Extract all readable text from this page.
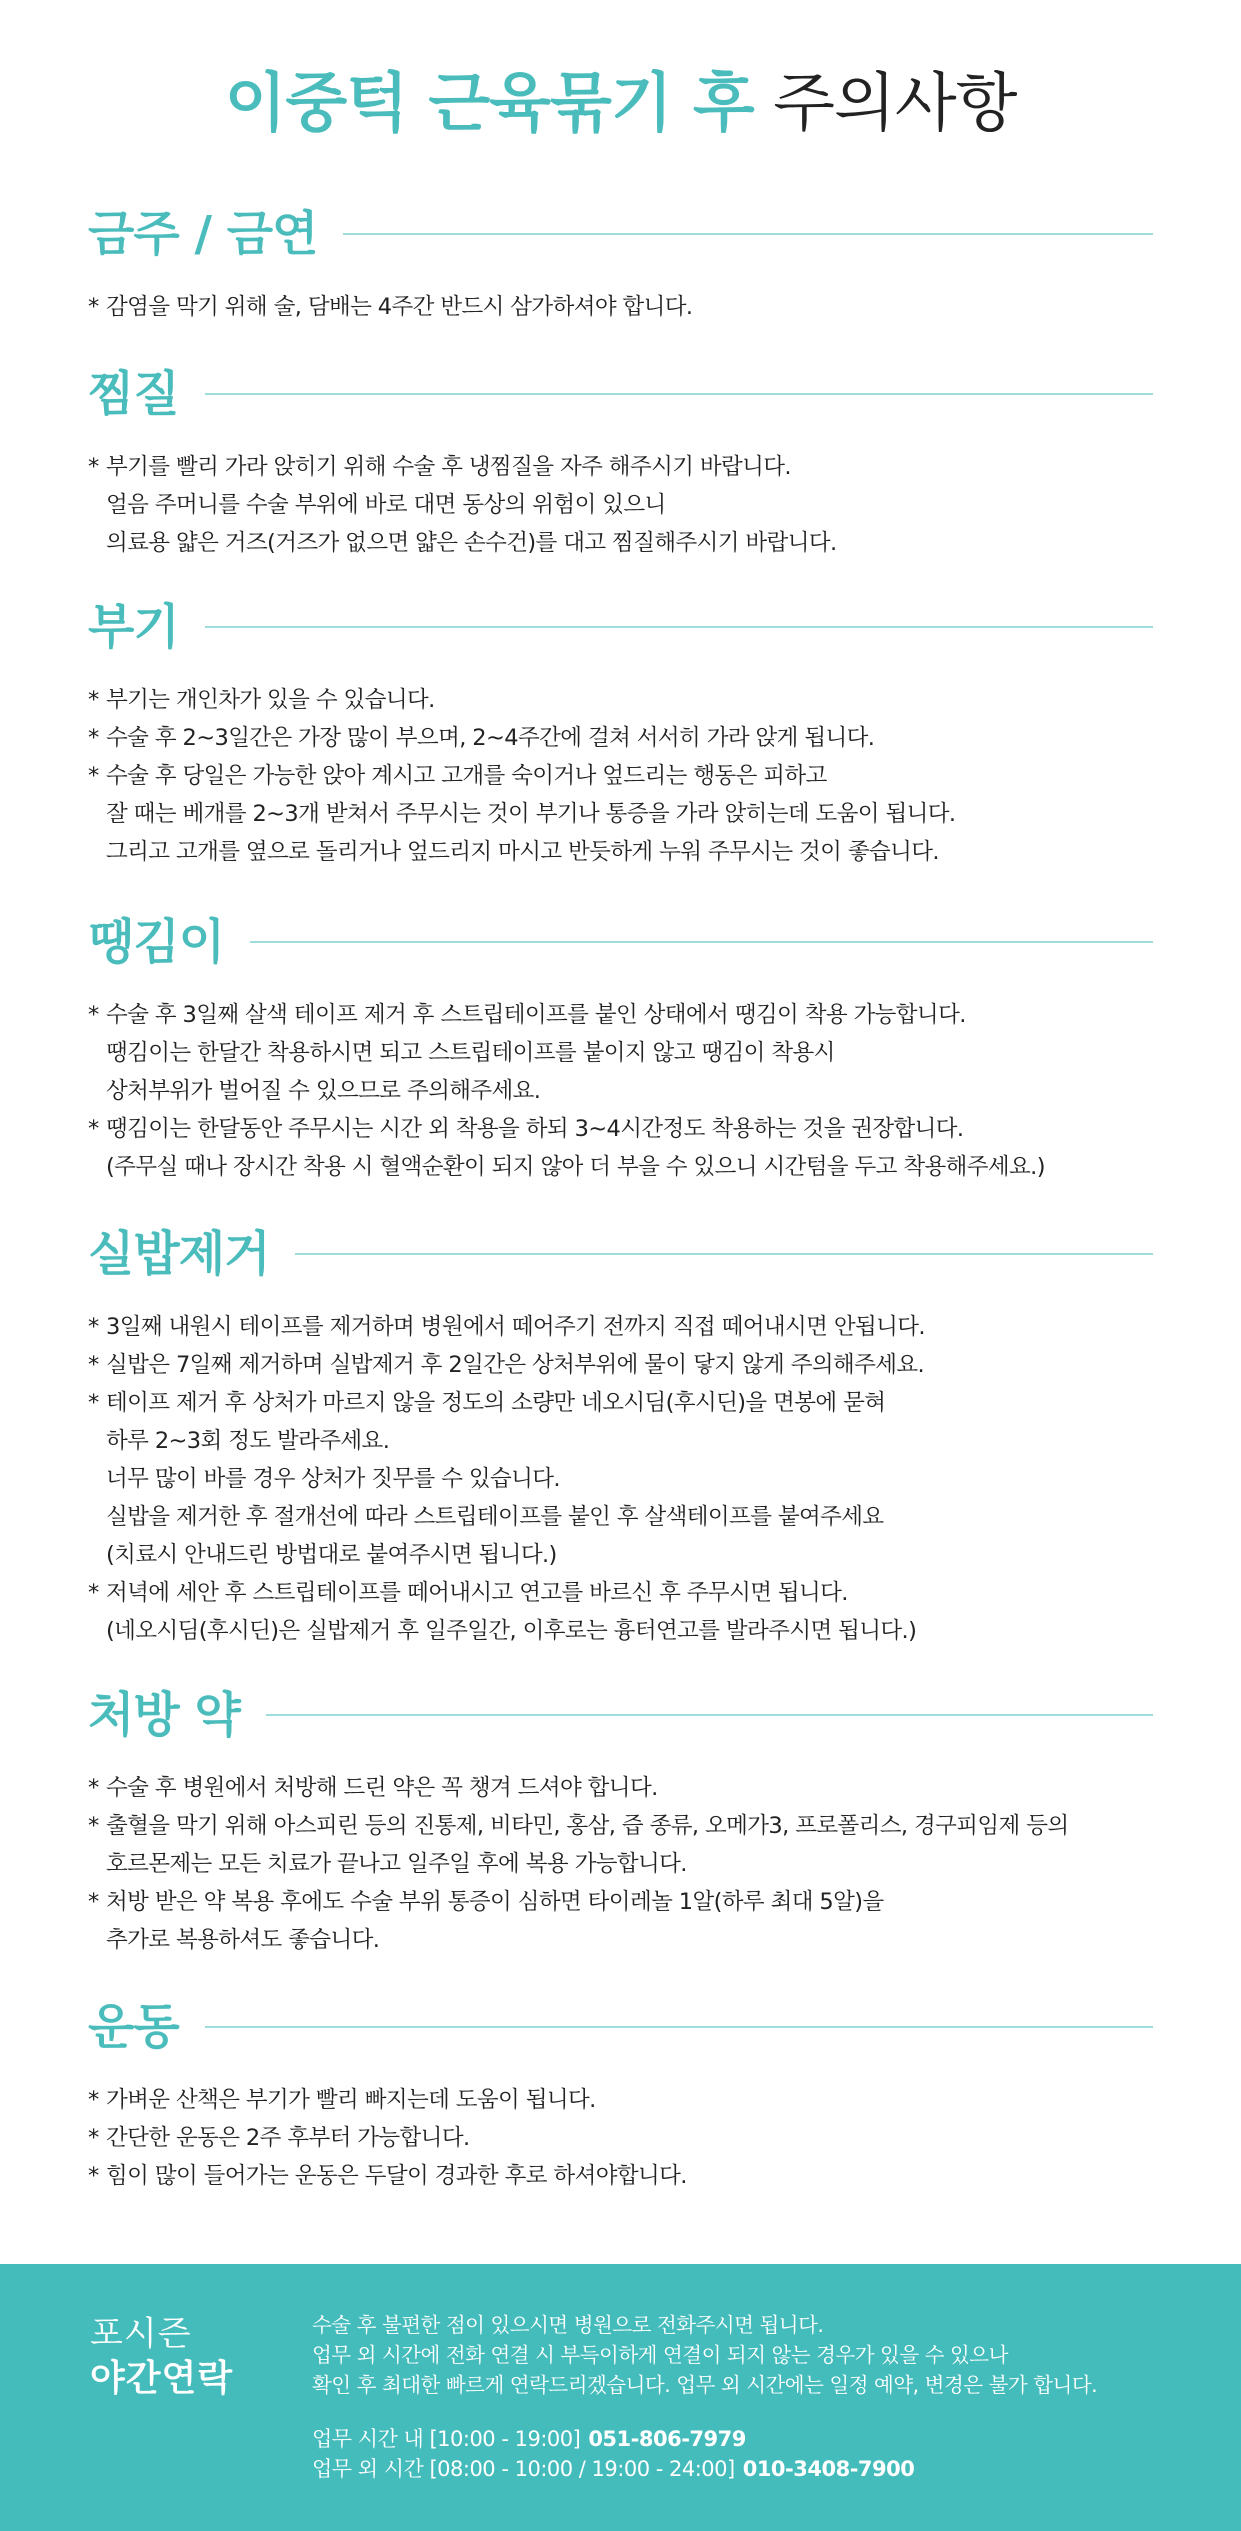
이중턱 근육묶기 후 주의사항
금주 / 금연
* 감염을 막기 위해 술, 담배는 4주간 반드시 삼가하셔야 합니다.
찜질
* 부기를 빨리 가라 앉히기 위해 수술 후 냉찜질을 자주 해주시기 바랍니다.
얼음 주머니를 수술 부위에 바로 대면 동상의 위험이 있으니
의료용 얇은 거즈(거즈가 없으면 얇은 손수건)를 대고 찜질해주시기 바랍니다.
부기
* 부기는 개인차가 있을 수 있습니다.
* 수술 후 2~3일간은 가장 많이 부으며, 2~4주간에 걸쳐 서서히 가라 앉게 됩니다.
* 수술 후 당일은 가능한 앉아 계시고 고개를 숙이거나 엎드리는 행동은 피하고
잘 때는 베개를 2~3개 받쳐서 주무시는 것이 부기나 통증을 가라 앉히는데 도움이 됩니다.
그리고 고개를 옆으로 돌리거나 엎드리지 마시고 반듯하게 누워 주무시는 것이 좋습니다.
땡김이
* 수술 후 3일째 살색 테이프 제거 후 스트립테이프를 붙인 상태에서 땡김이 착용 가능합니다.
땡김이는 한달간 착용하시면 되고 스트립테이프를 붙이지 않고 땡김이 착용시
상처부위가 벌어질 수 있으므로 주의해주세요.
* 땡김이는 한달동안 주무시는 시간 외 착용을 하되 3~4시간정도 착용하는 것을 권장합니다.
(주무실 때나 장시간 착용 시 혈액순환이 되지 않아 더 부을 수 있으니 시간텀을 두고 착용해주세요.)
실밥제거
* 3일째 내원시 테이프를 제거하며 병원에서 떼어주기 전까지 직접 떼어내시면 안됩니다.
* 실밥은 7일째 제거하며 실밥제거 후 2일간은 상처부위에 물이 닿지 않게 주의해주세요.
* 테이프 제거 후 상처가 마르지 않을 정도의 소량만 네오시딤(후시딘)을 면봉에 묻혀
하루 2~3회 정도 발라주세요.
너무 많이 바를 경우 상처가 짓무를 수 있습니다.
실밥을 제거한 후 절개선에 따라 스트립테이프를 붙인 후 살색테이프를 붙여주세요
(치료시 안내드린 방법대로 붙여주시면 됩니다.)
* 저녁에 세안 후 스트립테이프를 떼어내시고 연고를 바르신 후 주무시면 됩니다.
(네오시딤(후시딘)은 실밥제거 후 일주일간, 이후로는 흉터연고를 발라주시면 됩니다.)
처방 약
* 수술 후 병원에서 처방해 드린 약은 꼭 챙겨 드셔야 합니다.
* 출혈을 막기 위해 아스피린 등의 진통제, 비타민, 홍삼, 즙 종류, 오메가3, 프로폴리스, 경구피임제 등의
호르몬제는 모든 치료가 끝나고 일주일 후에 복용 가능합니다.
* 처방 받은 약 복용 후에도 수술 부위 통증이 심하면 타이레놀 1알(하루 최대 5알)을
추가로 복용하셔도 좋습니다.
운동
* 가벼운 산책은 부기가 빨리 빠지는데 도움이 됩니다.
* 간단한 운동은 2주 후부터 가능합니다.
* 힘이 많이 들어가는 운동은 두달이 경과한 후로 하셔야합니다.
포시즌
야간연락
수술 후 불편한 점이 있으시면 병원으로 전화주시면 됩니다.
업무 외 시간에 전화 연결 시 부득이하게 연결이 되지 않는 경우가 있을 수 있으나
확인 후 최대한 빠르게 연락드리겠습니다. 업무 외 시간에는 일정 예약, 변경은 불가 합니다.
업무 시간 내 [10:00 - 19:00] 051-806-7979
업무 외 시간 [08:00 - 10:00 / 19:00 - 24:00] 010-3408-7900
